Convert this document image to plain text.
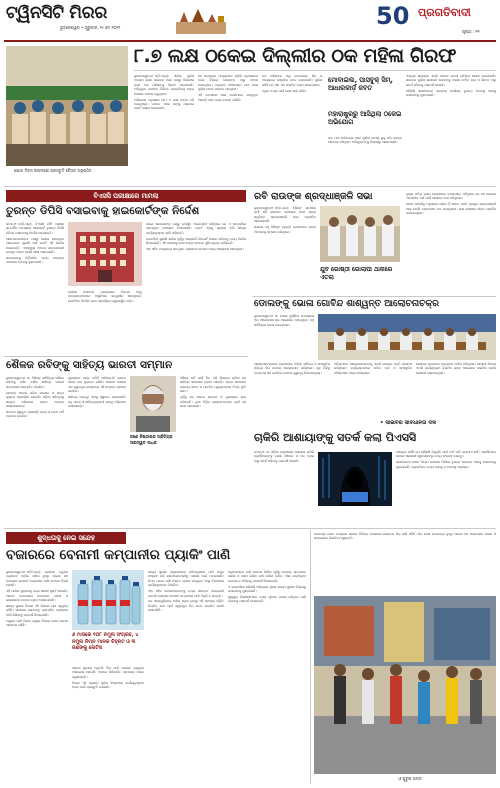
ଟ୍ୱିନସିଟି ମିରର
ଭୁବନେଶ୍ୱର • ଗୁରୁବାର, ୧୯ ମେ ୨୦୨୨	50 ପ୍ରଗତିବାଦୀ
ପୃଷ୍ଠା : ୧୧
ଯୋଗ ଦିବସ ଉପଲକ୍ଷେ ପ୍ରସ୍ତୁତି ବୈଠକ ଅନୁଷ୍ଠିତ
୮.୭ ଲକ୍ଷ ଠକେଇ ଦିଲ୍ଲୀର ଠକ ମହିଳା ଗିରଫ

ଭୁବନେଶ୍ୱର,୧୮।୫(ନି.ପ୍ର): ଓଡ଼ିଶା ପୁଲିସ ଅପରାଧ ଶାଖା ସାଇବର ଥାନା ପକ୍ଷରୁ ଦିଲ୍ଲୀର ଜଣେ ଠକ ମହିଳାଙ୍କୁ ଗିରଫ କରାଯାଇଛି। ଅଭିଯୁକ୍ତ ଜଣଙ୍କ ବିଭିନ୍ନ ବ୍ୟକ୍ତିଙ୍କୁ ଲୋଭ ଦେଖାଇ ଠକେଇ କରୁଥିଲେ।

ଅଭିଯୋଗ ଅନୁସାରେ ସେ ୮.୭ ଲକ୍ଷ ଟଙ୍କା ଠକି ନେଇଥିଲେ। ତଦନ୍ତ ପରେ ତାଙ୍କୁ ଧରାଯାଇ କୋର୍ଟ ଚାଲାଣ କରାଯାଇଛି।

ସେ ଅନ୍ଲାଇନ୍ ମାଧ୍ୟମରେ ଚାକିରି ପ୍ରଲୋଭନ ଦେଇ ବିଭିନ୍ନ ଲୋକଙ୍କ ଠାରୁ ଟଙ୍କା ନେଉଥିଲେ। ବ୍ୟାଙ୍କ ଆକାଉଣ୍ଟ ଯାଞ୍ଚ ପରେ ପୁଲିସ ତାଙ୍କ ସନ୍ଧାନ ପାଇଥିଲା।

ଏହି ଘଟଣାରେ ଆଉ କେଉଁମାନେ ସମ୍ପୃକ୍ତ ଅଛନ୍ତି ତାହା ମଧ୍ୟ ତଦନ୍ତ ଚାଲିଛି।

ଠକ ମହିଳାଙ୍କ ଠାରୁ ମୋବାଇଲ, ସିମ୍ ଓ ଅନ୍ୟାନ୍ୟ ଦସ୍ତାବିଜ ଜବତ କରାଯାଇଛି। ପୁଲିସ କହିଛି ଯେ ଏହା ଏକ ସଂଗଠିତ ଚକ୍ର ହୋଇପାରେ।

ଅଧିକ ତଥ୍ୟ ପାଇଁ ଜେରା ଜାରି ରହିଛି।

ମୋବାଇଲ, ପାସବୁକ୍ ସିମ୍, ଆଧାରକାର୍ଡ଼ ଜବତ
ମହାରାଷ୍ଟ୍ରରୁ ଆସିଥିଲା ଠକେଇ ଅଭିଯୋଗ

ଗତ ମାସ ଅଭିଯୋଗ ପରେ ପୁଲିସ ମାମଲା ରୁଜୁ କରି ତଦନ୍ତ ଆରମ୍ଭ କରିଥିଲା। ଅଭିଯୁକ୍ତଙ୍କୁ ଦିଲ୍ଲୀରୁ ଆଣାଯାଇଛି।

ଏକାଧିକ ରାଜ୍ୟରେ ଏପରି ଠକେଇ ଘଟଣା ଘଟିଥିବା ସନ୍ଦେହ କରାଯାଉଛି। ସାଇବର ପୁଲିସ ସାଧାରଣ ଲୋକଙ୍କୁ ଅଜଣା ଫୋନ କଲ୍ ଓ ଲିଙ୍କ ଠାରୁ ସତର୍କ ରହିବାକୁ ପରାମର୍ଶ ଦେଇଛି।

କୌଣସି ସନ୍ଦେହଜନକ କାରବାର ଦେଖିଲେ ତୁରନ୍ତ ନିକଟସ୍ଥ ଥାନାକୁ ଜଣାଇବାକୁ କୁହାଯାଇଛି।

ବିଏସସି ପରୀକ୍ଷାରେ ମାମଲା
ତୁରନ୍ତ ଡିପିସି ବସାଇବାକୁ ହାଇକୋର୍ଟଙ୍କ ନିର୍ଦ୍ଦେଶ

କଟକ,୧୮।୫(ନି.ପ୍ର): ବିଏସସି ନର୍ସିଂ ପରୀକ୍ଷା ସମ୍ପର୍କିତ ମାମଲାରେ ହାଇକୋର୍ଟ ତୁରନ୍ତ ଡିପିସି ବୈଠକ ବସାଇବାକୁ ନିର୍ଦ୍ଦେଶ ଦେଇଛନ୍ତି।

ଆବେଦନକାରୀଙ୍କ ପକ୍ଷରୁ ଦାଖଲ ହୋଇଥିବା ଆବେଦନର ଶୁଣାଣି କରି କୋର୍ଟ ଏହି ନିର୍ଦ୍ଦେଶ ଦେଇଛନ୍ତି। ଏହାଦ୍ୱାରା ଅନେକ ଛାତ୍ରଛାତ୍ରୀ ଉପକୃତ ହେବେ ବୋଲି ଆଶା କରାଯାଉଛି।

ସରକାରଙ୍କୁ ନିର୍ଦ୍ଧାରିତ ସମୟ ମଧ୍ୟରେ ପଦକ୍ଷେପ ନେବାକୁ କୁହାଯାଇଛି।

ପରୀକ୍ଷା ଫଳାଫଳ ପ୍ରକାଶରେ ବିଳମ୍ବ ହେତୁ ଛାତ୍ରଛାତ୍ରୀମାନେ ଅସୁବିଧାର ସମ୍ମୁଖୀନ ହେଉଥିଲେ। କୋର୍ଟଙ୍କ ନିର୍ଦ୍ଦେଶ ପରେ ପ୍ରକ୍ରିୟା ତ୍ୱରାନ୍ୱିତ ହେବ।

ରାଜ୍ୟ ସରକାରଙ୍କ ପକ୍ଷରୁ ଉପସ୍ଥିତ ଆଇନଜୀବୀ କହିଥିଲେ ଯେ ଏ ସମ୍ପର୍କରେ ଆବଶ୍ୟକ ପଦକ୍ଷେପ ନିଆଯାଉଛି। କୋର୍ଟ ଏହାକୁ ଗ୍ରହଣ କରି ଶୀଘ୍ର କାର୍ଯ୍ୟାନୁଷ୍ଠାନ ଲାଗି କହିଛନ୍ତି।

ପରବର୍ତ୍ତୀ ଶୁଣାଣି ତାରିଖ ପୂର୍ବରୁ ଅଗ୍ରଗତି ରିପୋର୍ଟ ଦାଖଲ କରିବାକୁ ମଧ୍ୟ ନିର୍ଦ୍ଦେଶ ଦିଆଯାଇଛି। ଏହି ମାମଲାକୁ ନେଇ ଛାତ୍ର ସଂଗଠନ ଖୁସି ବ୍ୟକ୍ତ କରିଛନ୍ତି।

ଏହା ସହିତ ଅନ୍ୟାନ୍ୟ ସମ୍ପୃକ୍ତ ପ୍ରସଙ୍ଗ ଉପରେ ମଧ୍ୟ ଆଲୋଚନା ହୋଇଥିଲା।

ରବି ରାଉଙ୍କ ଶ୍ରଦ୍ଧାଞ୍ଜଳି ସଭା

ଭୁବନେଶ୍ୱର,୧୮।୫(ନି.ପ୍ର): ବିଶିଷ୍ଟ ସାମାଜିକ କର୍ମୀ ରବି ରାଉଙ୍କ ପରଲୋକ ପରେ ତାଙ୍କ ସ୍ମୃତିରେ ଶ୍ରଦ୍ଧାଞ୍ଜଳି ସଭା ଅନୁଷ୍ଠିତ ହୋଇଯାଇଛି।

ସଭାରେ ବହୁ ବିଶିଷ୍ଟ ବ୍ୟକ୍ତି ଯୋଗଦେଇ ତାଙ୍କ ଅବଦାନକୁ ସ୍ମରଣ କରିଥିଲେ।

ଯୁବ ଗୋଷ୍ଠୀ ଗୋଲାପୀ ଥାନାରେ ଏତଲା

ମୁଖ୍ୟ ଅତିଥି ଭାବେ ଯୋଗଦେଇ ବକ୍ତାମାନେ କହିଥିଲେ ଯେ ସେ ସମାଜର ଅବହେଳିତ ବର୍ଗ ପାଇଁ ଆଜୀବନ କାମ କରିଥିଲେ।

ତାଙ୍କ ଆଦର୍ଶକୁ ଅନୁସରଣ କରିବା ହିଁ ତାଙ୍କ ପ୍ରତି ପ୍ରକୃତ ଶ୍ରଦ୍ଧାଞ୍ଜଳି ହେବ ବୋଲି ବକ୍ତାମାନେ ମତ ଦେଇଥିଲେ। ସଭା ଶେଷରେ ନୀରବ ପ୍ରାର୍ଥନା କରାଯାଇଥିଲା।

ଡୋଲଙ୍କୁ ଭୋଳା ଗୋବିନ୍ଦ ଶାଶ୍ୱନ୍ତ ଆଲୋଚନାଚକ୍ର

ଭୁବନେଶ୍ୱର,୧୮।୫: ଡୋଲ ପୂର୍ଣ୍ଣିମା ଅବସରରେ ଏକ ଆଲୋଚନାଚକ୍ର ଆୟୋଜିତ ହୋଇଥିଲା। ବହୁ ସାହିତ୍ୟିକ ଯୋଗ ଦେଇଥିଲେ।

ଆଲୋଚନାଚକ୍ରରେ ବକ୍ତାମାନେ ଓଡ଼ିଆ ସାହିତ୍ୟ ଓ ସଂସ୍କୃତିର ବିଭିନ୍ନ ଦିଗ ଉପରେ ଆଲୋକପାତ କରିଥିଲେ। ଯୁବ ପିଢ଼ିକୁ ପରମ୍ପରା ସହ ଯୋଡ଼ିବା ଉପରେ ଗୁରୁତ୍ୱ ଦିଆଯାଇଥିଲା।

ଅତିଥିମାନେ ଆୟୋଜକମାନଙ୍କୁ ଏଭଳି ଉଦ୍ୟମ ପାଇଁ ପ୍ରଶଂସା କରିଥିଲେ। କାର୍ଯ୍ୟକ୍ରମରେ କବିତା ପାଠ ଓ ସାଂସ୍କୃତିକ ପରିବେଷଣ ମଧ୍ୟ ହୋଇଥିଲା।

ଶେଷରେ ସମ୍ପାଦକ ଧନ୍ୟବାଦ ଅର୍ପଣ କରିଥିଲେ। ଆଗାମୀ ଦିନରେ ଏପରି କାର୍ଯ୍ୟକ୍ରମ ନିୟମିତ ଭାବେ ଆୟୋଜନ କରାଯିବ ବୋଲି ଘୋଷଣା କରାଯାଇଥିଲା।

ଶୈଳଜ ରବିଙ୍କୁ ସାହିତ୍ୟ ଭାରତୀ ସମ୍ମାନ

ଭୁବନେଶ୍ୱର,୧୮।୫: ବିଶିଷ୍ଟ ସାହିତ୍ୟିକ ଶୈଳଜ ରବିଙ୍କୁ ଚଳିତ ବର୍ଷର ସାହିତ୍ୟ ଭାରତୀ ସମ୍ମାନରେ ସମ୍ମାନିତ କରାଯିବ।

ତାଙ୍କର ଅନେକ କବିତା ସଂକଳନ ଓ ଗଳ୍ପ ପୁସ୍ତକ ପ୍ରକାଶିତ ହୋଇଛି। ଓଡ଼ିଆ ସାହିତ୍ୟକୁ ସମୃଦ୍ଧ କରିବାରେ ତାଙ୍କ ଅବଦାନ ଉଲ୍ଲେଖନୀୟ।

ସମ୍ମାନ ସ୍ୱରୂପ ପ୍ରଶସ୍ତି ପତ୍ର ଓ ନଗଦ ଅର୍ଥ ପ୍ରଦାନ କରାଯିବ।

ପୁରସ୍କାର ଚୟନ କମିଟି ସର୍ବସମ୍ମତି କ୍ରମେ ତାଙ୍କ ନାମ ଚୂଡ଼ାନ୍ତ କରିଛି। ଆଗାମୀ ମାସରେ ଏକ ସ୍ୱତନ୍ତ୍ର ଉତ୍ସବରେ ଏହି ସମ୍ମାନ ପ୍ରଦାନ କରାଯିବ।

ସାହିତ୍ୟ ଜଗତରୁ ଏହାକୁ ସ୍ୱାଗତ କରାଯାଇଛି। ବହୁ ପାଠକ ଓ ସାହିତ୍ୟପ୍ରେମୀ ତାଙ୍କୁ ଅଭିନନ୍ଦନ ଜଣାଇଛନ୍ତି।

ଜଣେ ନିଷ୍ଠାପର ସାହିତ୍ୟିକ ସାରସ୍ୱତ ସାଧକ

ଶୈଳଜ ରବି ଦୀର୍ଘ ଦିନ ଧରି ଶିକ୍ଷକତା କରିବା ସହ ସାହିତ୍ୟ ସାଧନାରେ ବ୍ରତୀ ଅଛନ୍ତି। ତାଙ୍କ ରଚନାରେ ଗ୍ରାମ୍ୟ ଜୀବନ ଓ ମାନବିକ ମୂଲ୍ୟବୋଧର ଚିତ୍ର ଫୁଟି ଉଠେ।

ପୂର୍ବରୁ ସେ ଅନେକ ସମ୍ମାନ ଓ ପୁରସ୍କାର ଲାଭ କରିଛନ୍ତି। ନୂଆ ପିଢ଼ିର ଲେଖକମାନଙ୍କ ପାଇଁ ସେ ଜଣେ ପ୍ରେରଣା।

• ସାଇବର ସାବଧାନତା ଦଳ
ଚାକିରି ଆଶାୟାଙ୍କୁ ସତର୍କ କଲା ପିଏସସି

କଟକ,୧୮।୫: ଓଡ଼ିଶା ଲୋକସେବା ଆୟୋଗ ଚାକିରି ପ୍ରାର୍ଥୀମାନଙ୍କୁ ନକଲି ବିଜ୍ଞାପନ ଓ ଠକ ଚକ୍ର ଠାରୁ ସତର୍କ ରହିବାକୁ ପରାମର୍ଶ ଦେଇଛି।

ଆୟୋଗ କହିଛି ଯେ କୌଣସି ନିଯୁକ୍ତି ପାଇଁ ଅର୍ଥ ଦାବି କରାଯାଏ ନାହିଁ। ପ୍ରାର୍ଥୀମାନେ କେବଳ ସରକାରୀ ୱେବସାଇଟରୁ ତଥ୍ୟ ସଂଗ୍ରହ କରନ୍ତୁ।

ସନ୍ଦେହଜନକ ଫୋନ କିମ୍ବା ମେସେଜ ମିଳିଲେ ତୁରନ୍ତ ସାଇବର ଥାନାକୁ ଜଣାଇବାକୁ କୁହାଯାଇଛି। ବ୍ୟକ୍ତିଗତ ତଥ୍ୟ କାହାକୁ ନ ଦେବାକୁ ଅନୁରୋଧ।

ଶୁଦ୍ଧତାକୁ ନେଇ ସନ୍ଦେହ
ବଜାରରେ ବେନାମୀ କମ୍ପାନୀର ପ୍ୟାକିଂ ପାଣି

ଭୁବନେଶ୍ୱର,୧୮।୫(ନି.ପ୍ର): ଗ୍ରୀଷ୍ମ ଋତୁରେ ପ୍ୟାକେଟ ପାଣିର ଚାହିଦା ବୃଦ୍ଧି ପାଇବା ସହ ବଜାରରେ ବେନାମୀ କମ୍ପାନୀର ପାଣି ବୋତଲ ବିକ୍ରି ହେଉଛି।

ଏହି ପାଣିର ଶୁଦ୍ଧତାକୁ ନେଇ ସନ୍ଦେହ ସୃଷ୍ଟି ହୋଇଛି। ଅନେକ ବୋତଲରେ ଉତ୍ପାଦନ ତାରିଖ ଓ ଲାଇସେନ୍ସ ନମ୍ବର ନଥିବା ଦେଖାଯାଉଛି।

ଖାଦ୍ୟ ସୁରକ୍ଷା ବିଭାଗ ଏହି ଦିଗରେ ଯାଞ୍ଚ କରୁଥିବା କହିଛି। ସାଧାରଣ ଲୋକଙ୍କୁ ପ୍ରମାଣିତ ବ୍ରାଣ୍ଡର ପାଣି କିଣିବାକୁ ପରାମର୍ଶ ଦିଆଯାଇଛି।

ଅଶୁଦ୍ଧ ପାଣି ପିଇବା ଦ୍ୱାରା ବିଭିନ୍ନ ରୋଗ ହେବାର ଆଶଙ୍କା ରହିଛି।

୬ ମାସରେ ୧୦୮ ନମୁନା ସଂଗ୍ରହ, ୪ ନମୁନା ନିମ୍ନ ମାନର ଚିହ୍ନଟ ଓ ୩ ଜଣଙ୍କୁ ନୋଟିସ

ଅନେକ ସ୍ଥାନରେ ଅନୁମତି ବିନା ପାଣି ପ୍ଲାଣ୍ଟ ଚାଲୁଥିବା ଅଭିଯୋଗ ହୋଇଛି। ଏମାନେ ନିର୍ଦ୍ଧାରିତ ମାନଦଣ୍ଡ ପାଳନ କରୁନାହାନ୍ତି।

ବିଭାଗ ଏହି ପ୍ଲାଣ୍ଟ ଗୁଡ଼ିକ ବିରୋଧରେ କାର୍ଯ୍ୟାନୁଷ୍ଠାନ ନେବା ପାଇଁ ପ୍ରସ୍ତୁତି ଚଳାଇଛି।

ଖାଦ୍ୟ ସୁରକ୍ଷା ଅଧିକାରୀଙ୍କ କହିବାନୁସାରେ ପାଣି ନମୁନା ସଂଗ୍ରହ କରି ଲାବୋରେଟୋରୀକୁ ପରୀକ୍ଷା ପାଇଁ ପଠାଯାଉଛି। ନିମ୍ନ ମାନର ପାଣି ଚିହ୍ନଟ ହେଲେ ସମ୍ପୃକ୍ତ ସଂସ୍ଥା ବିରୋଧରେ କାର୍ଯ୍ୟାନୁଷ୍ଠାନ ନିଆଯିବ।

ଏହା ସହିତ ଦୋକାନୀମାନଙ୍କୁ ମଧ୍ୟ ସଚେତନ କରାଯାଉଛି ଯେପରି ସେମାନେ ବେନାମୀ କମ୍ପାନୀର ପାଣି ବିକ୍ରି ନ କରନ୍ତି।

ବଡ଼ ସହରଗୁଡ଼ିକରେ ଚାହିଦା ଅଧିକ ଥିବାରୁ ଏହି ସମସ୍ୟା ବଢ଼ିଛି। ନିୟମିତ ଯାଞ୍ଚ ପାଇଁ ସ୍ୱତନ୍ତ୍ର ଟିମ୍ ଗଠନ କରାଯିବ ବୋଲି ଜଣାପଡ଼ିଛି।

ଗ୍ରାହକମାନେ ପାଣି ବୋତଲ କିଣିବା ପୂର୍ବରୁ ଲେବଲ, ଉତ୍ପାଦନ ତାରିଖ ଓ ଶେଷ ତାରିଖ ଯାଞ୍ଚ କରିବା ଉଚିତ। ସିଲ୍ ଭାଙ୍ଗିଥିବା ବୋତଲ ନ କିଣିବାକୁ ପରାମର୍ଶ ଦିଆଯାଇଛି।

ଏ ସମ୍ପର୍କରେ କୌଣସି ଅଭିଯୋଗ ଥିଲେ ଖାଦ୍ୟ ସୁରକ୍ଷା ବିଭାଗକୁ ଜଣାଇବାକୁ କୁହାଯାଇଛି।

ସ୍ୱାସ୍ଥ୍ୟ ବିଶେଷଜ୍ଞମାନେ ମଧ୍ୟ ଫୁଟାଇ ଥଣ୍ଡା କରିଥିବା ପାଣି ପିଇବାକୁ ପରାମର୍ଶ ଦେଇଛନ୍ତି।

ପ୍ରଚଣ୍ଡ ଗରମ ମଧ୍ୟରେ ସହରର ବିଭିନ୍ନ ବଜାରରେ ଲୋକଙ୍କ ଭିଡ଼ ଲାଗି ରହିଛି। ଦିନ ବେଳା ତାପମାତ୍ରା ବୃଦ୍ଧି ପାଇବା ସହ ଲୋକମାନେ ସକାଳ ଓ ସନ୍ଧ୍ୟାରେ କିଣାବିକା କରୁଛନ୍ତି।

ଓ ପୁରୁଷ ପତ୍ର
